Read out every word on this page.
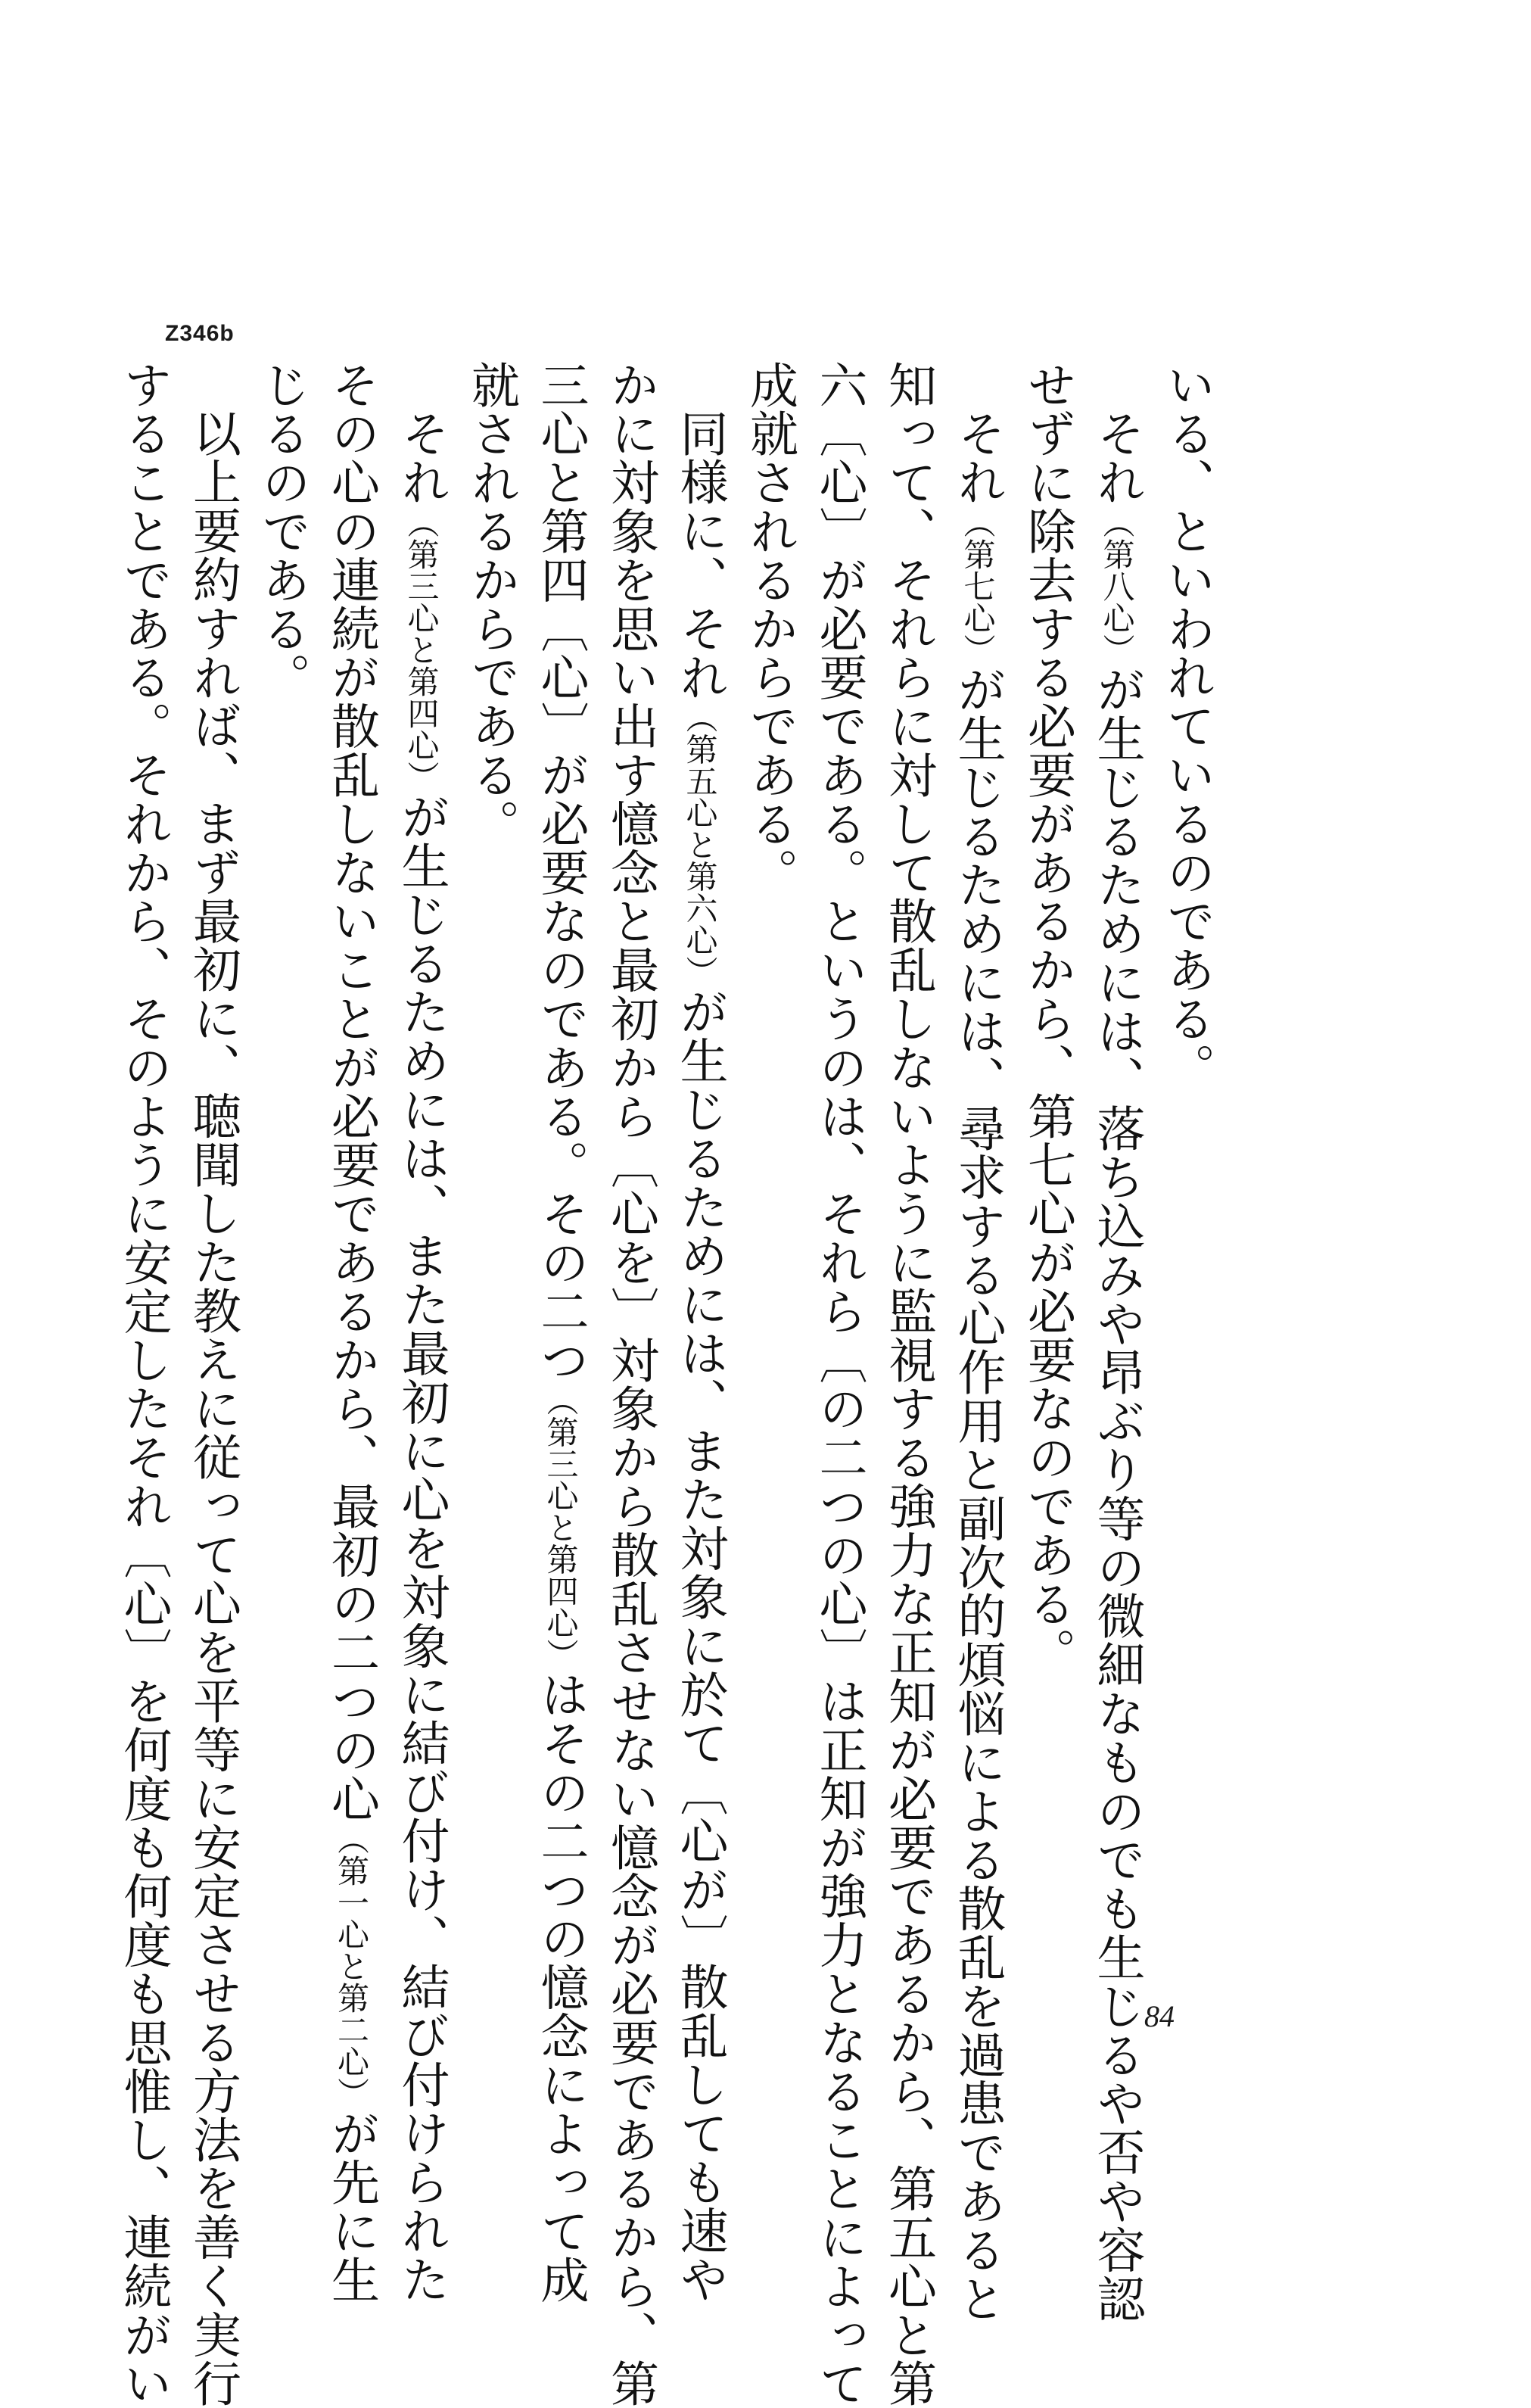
Z346b
いる、といわれているのである。
それ（第八心）が生じるためには、落ち込みや昂ぶり等の微細なものでも生じるや否や容認
せずに除去する必要があるから、第七心が必要なのである。
それ（第七心）が生じるためには、尋求する心作用と副次的煩悩による散乱を過患であると
知って、それらに対して散乱しないように監視する強力な正知が必要であるから、第五心と第
六〔心〕が必要である。というのは、それら〔の二つの心〕は正知が強力となることによって
成就されるからである。
同様に、それ（第五心と第六心）が生じるためには、また対象に於て〔心が〕散乱しても速や
かに対象を思い出す憶念と最初から〔心を〕対象から散乱させない憶念が必要であるから、第
三心と第四〔心〕が必要なのである。その二つ（第三心と第四心）はその二つの憶念によって成
就されるからである。
それ（第三心と第四心）が生じるためには、また最初に心を対象に結び付け、結び付けられた
その心の連続が散乱しないことが必要であるから、最初の二つの心（第一心と第二心）が先に生
じるのである。
以上要約すれば、まず最初に、聴聞した教えに従って心を平等に安定させる方法を善く実行
することである。それから、そのように安定したそれ〔心〕を何度も何度も思惟し、連続がい	84
